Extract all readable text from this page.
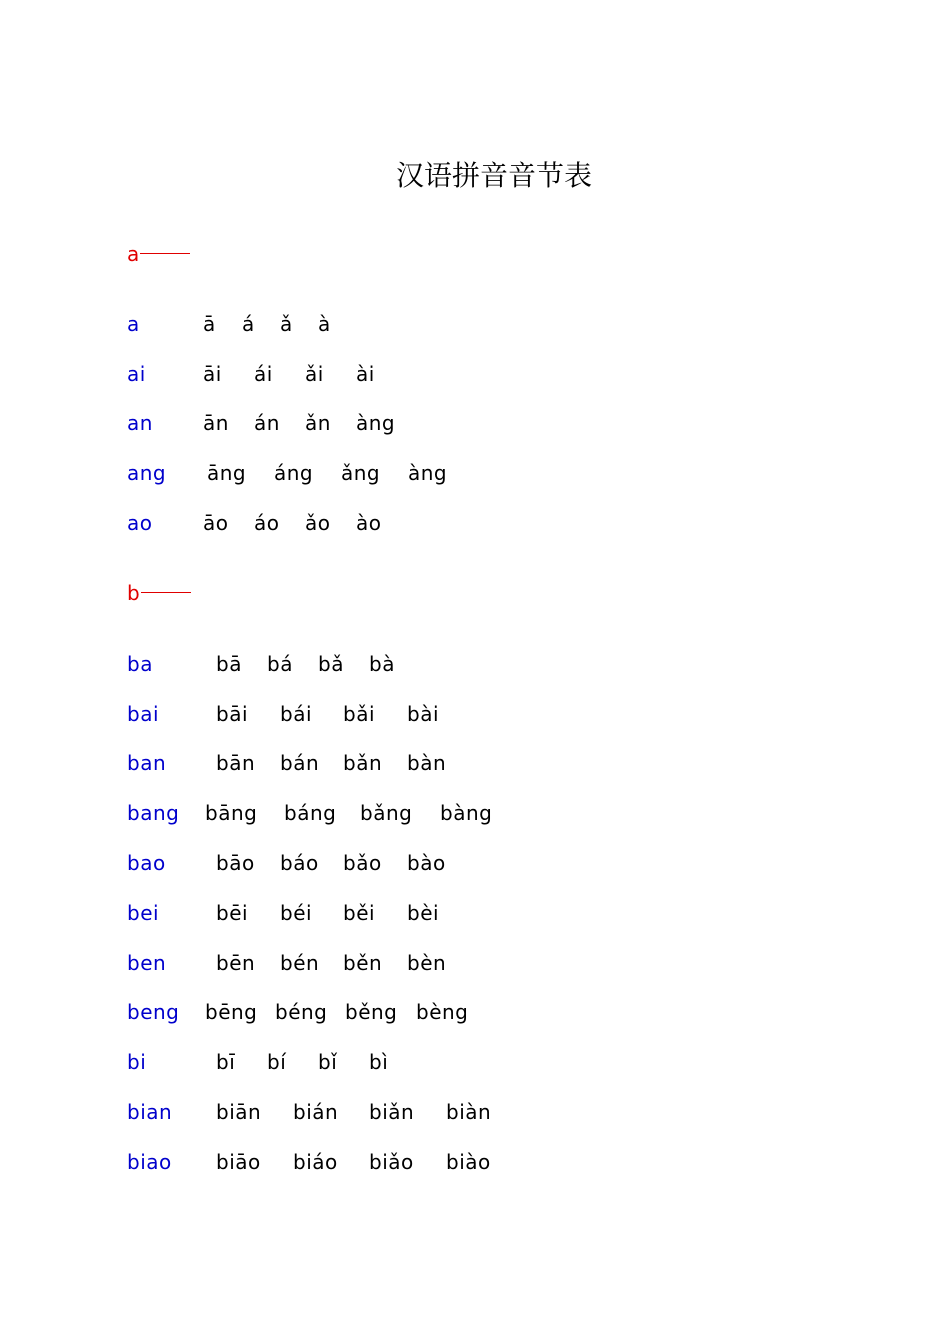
汉语拼音音节表
a
a	ā á ǎ à
ai	āi ái ǎi ài
an	ān án ǎn àng
ang āng áng ǎng àng
ao	āo áo ǎo ào
b
ba	bā bá bǎ bà
bai	bāi bái bǎi bài
ban bān bán bǎn bàn
bang bāng báng bǎng bàng
bao	bāo báo bǎo bào
bei	bēi béi běi bèi
ben bēn bén běn bèn
beng bēng béng běng bèng
bi	bī bí bǐ bì
bian biān bián biǎn biàn
biao biāo biáo biǎo biào
